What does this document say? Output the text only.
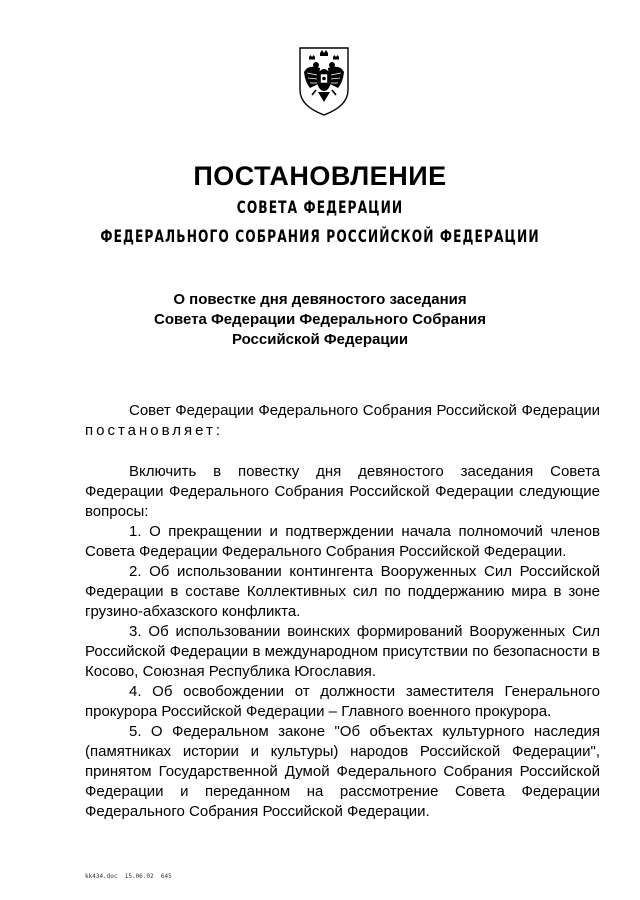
ПОСТАНОВЛЕНИЕ
СОВЕТА ФЕДЕРАЦИИ
ФЕДЕРАЛЬНОГО СОБРАНИЯ РОССИЙСКОЙ ФЕДЕРАЦИИ
О повестке дня девяностого заседания
Совета Федерации Федерального Собрания
Российской Федерации

Совет Федерации Федерального Собрания Российской Федерации постановляет:

Включить в повестку дня девяностого заседания Совета Федерации Федерального Собрания Российской Федерации следующие вопросы:

1. О прекращении и подтверждении начала полномочий членов Совета Федерации Федерального Собрания Российской Федерации.

2. Об использовании контингента Вооруженных Сил Российской Федерации в составе Коллективных сил по поддержанию мира в зоне грузино-абхазского конфликта.

3. Об использовании воинских формирований Вооруженных Сил Российской Федерации в международном присутствии по безопасности в Косово, Союзная Республика Югославия.

4. Об освобождении от должности заместителя Генерального прокурора Российской Федерации – Главного военного прокурора.

5. О Федеральном законе "Об объектах культурного наследия (памятниках истории и культуры) народов Российской Федерации", принятом Государственной Думой Федерального Собрания Российской Федерации и переданном на рассмотрение Совета Федерации Федерального Собрания Российской Федерации.

kk434.doc  15.06.02  645
